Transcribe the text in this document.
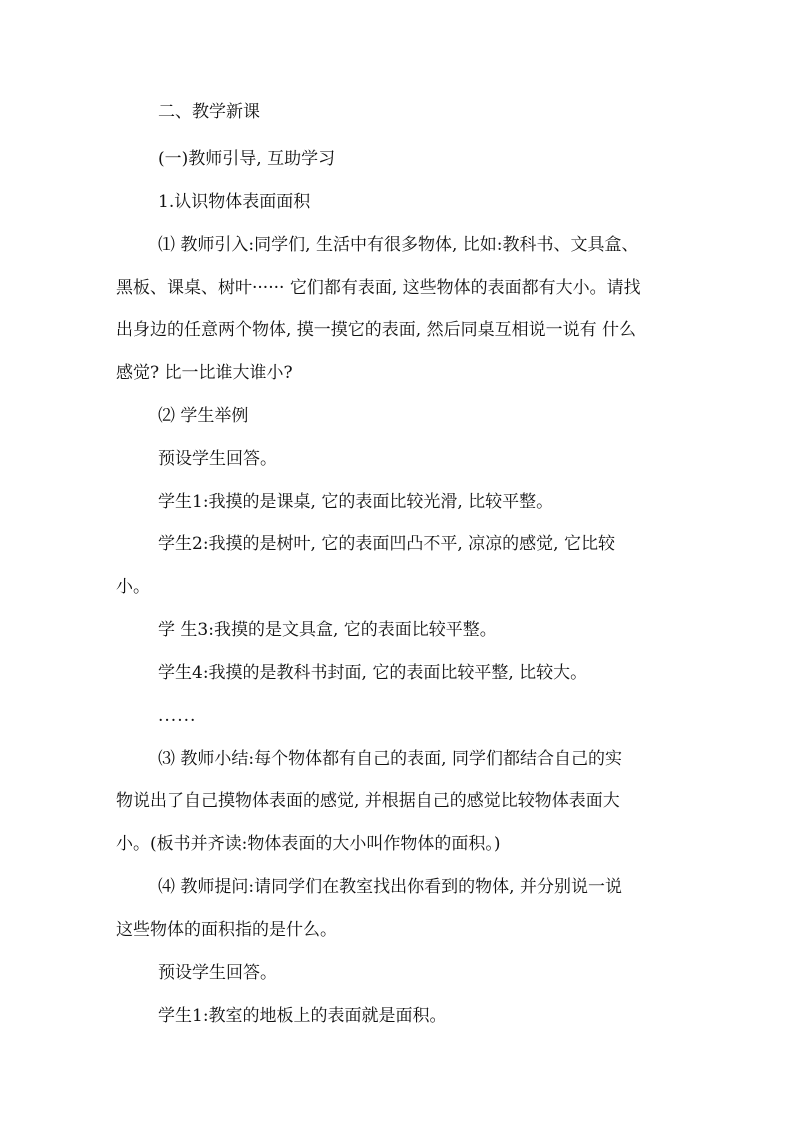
二、教学新课
(一)教师引导, 互助学习
1.认识物体表面面积
⑴ 教师引入:同学们, 生活中有很多物体, 比如:教科书、文具盒、
黑板、课桌、树叶······ 它们都有表面, 这些物体的表面都有大小。请找
出身边的任意两个物体, 摸一摸它的表面, 然后同桌互相说一说有 什么
感觉? 比一比谁大谁小?
⑵ 学生举例
预设学生回答。
学生1:我摸的是课桌, 它的表面比较光滑, 比较平整。
学生2:我摸的是树叶, 它的表面凹凸不平, 凉凉的感觉, 它比较
小。
学 生3:我摸的是文具盒, 它的表面比较平整。
学生4:我摸的是教科书封面, 它的表面比较平整, 比较大。
......
⑶ 教师小结:每个物体都有自己的表面, 同学们都结合自己的实
物说出了自己摸物体表面的感觉, 并根据自己的感觉比较物体表面大
小。(板书并齐读:物体表面的大小叫作物体的面积。)
⑷ 教师提问:请同学们在教室找出你看到的物体, 并分别说一说
这些物体的面积指的是什么。
预设学生回答。
学生1:教室的地板上的表面就是面积。
